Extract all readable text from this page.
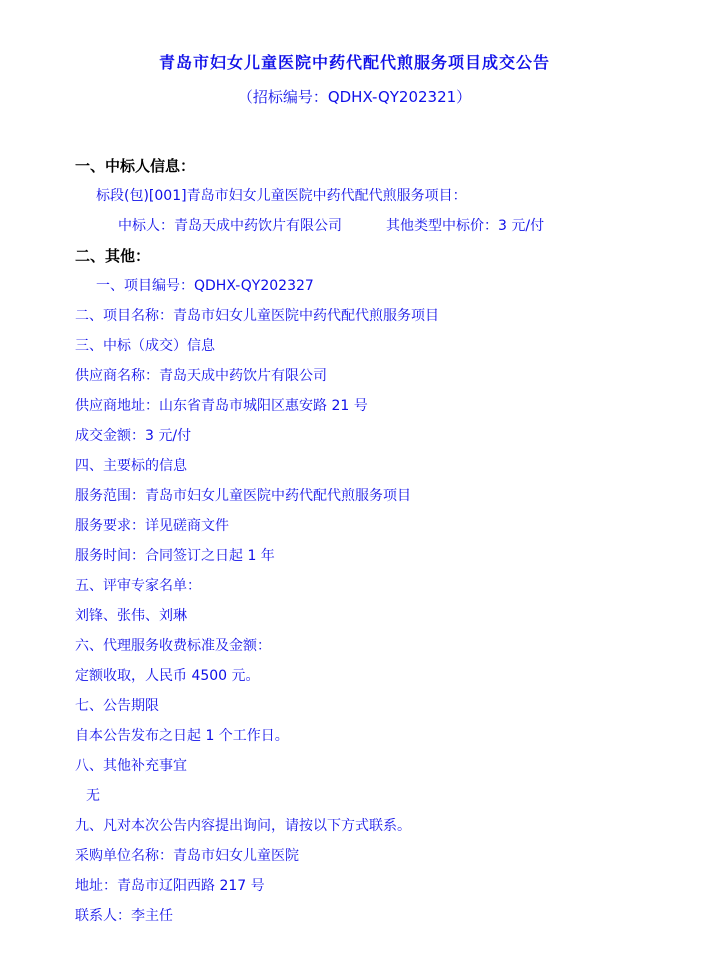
青岛市妇女儿童医院中药代配代煎服务项目成交公告
（招标编号：QDHX-QY202321）
一、中标人信息：
标段(包)[001]青岛市妇女儿童医院中药代配代煎服务项目：
中标人：青岛天成中药饮片有限公司	其他类型中标价：3 元/付
二、其他：
一、项目编号：QDHX-QY202327
二、项目名称：青岛市妇女儿童医院中药代配代煎服务项目
三、中标（成交）信息
供应商名称：青岛天成中药饮片有限公司
供应商地址：山东省青岛市城阳区惠安路 21 号
成交金额：3 元/付
四、主要标的信息
服务范围：青岛市妇女儿童医院中药代配代煎服务项目
服务要求：详见磋商文件
服务时间：合同签订之日起 1 年
五、评审专家名单：
刘锋、张伟、刘琳
六、代理服务收费标准及金额：
定额收取，人民币 4500 元。
七、公告期限
自本公告发布之日起 1 个工作日。
八、其他补充事宜
无
九、凡对本次公告内容提出询问，请按以下方式联系。
采购单位名称：青岛市妇女儿童医院
地址：青岛市辽阳西路 217 号
联系人：李主任
